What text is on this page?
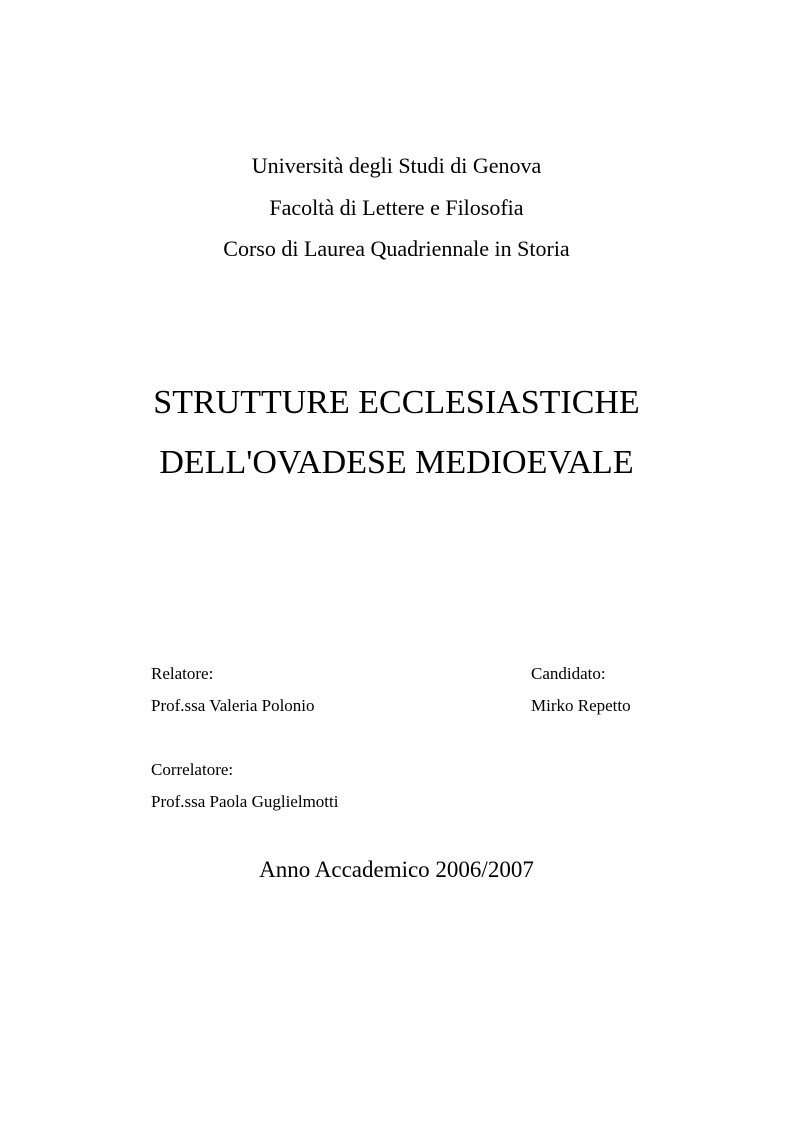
Università degli Studi di Genova
Facoltà di Lettere e Filosofia
Corso di Laurea Quadriennale in Storia
STRUTTURE ECCLESIASTICHE
DELL'OVADESE MEDIOEVALE
Relatore:
Prof.ssa Valeria Polonio
Candidato:
Mirko Repetto
Correlatore:
Prof.ssa Paola Guglielmotti
Anno Accademico 2006/2007
